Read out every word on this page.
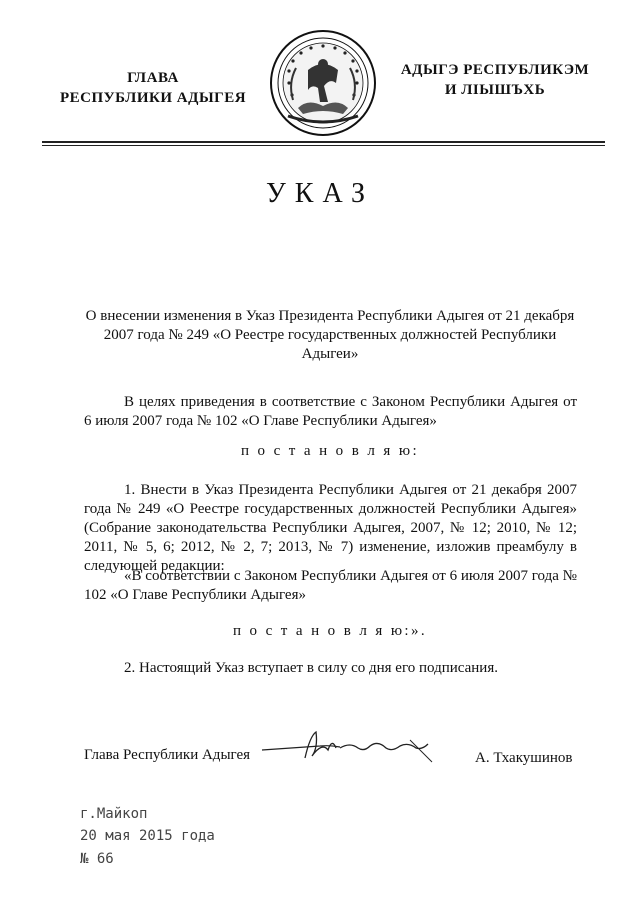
ГЛАВА
РЕСПУБЛИКИ АДЫГЕЯ
АДЫГЭ РЕСПУБЛИКЭМ
И ЛІЫШЪХЬ
УКАЗ
О внесении изменения в Указ Президента Республики Адыгея от 21 декабря 2007 года № 249 «О Реестре государственных должностей Республики Адыгеи»
В целях приведения в соответствие с Законом Республики Адыгея от 6 июля 2007 года № 102 «О Главе Республики Адыгея»
п о с т а н о в л я ю:
1. Внести в Указ Президента Республики Адыгея от 21 декабря 2007 года № 249 «О Реестре государственных должностей Республики Адыгея» (Собрание законодательства Республики Адыгея, 2007, № 12; 2010, № 12; 2011, № 5, 6; 2012, № 2, 7; 2013, № 7) изменение, изложив преамбулу в следующей редакции:
«В соответствии с Законом Республики Адыгея от 6 июля 2007 года № 102 «О Главе Республики Адыгея»
п о с т а н о в л я ю:».
2. Настоящий Указ вступает в силу со дня его подписания.
Глава Республики Адыгея	А. Тхакушинов
г.Майкоп
20 мая 2015 года
№ 66
